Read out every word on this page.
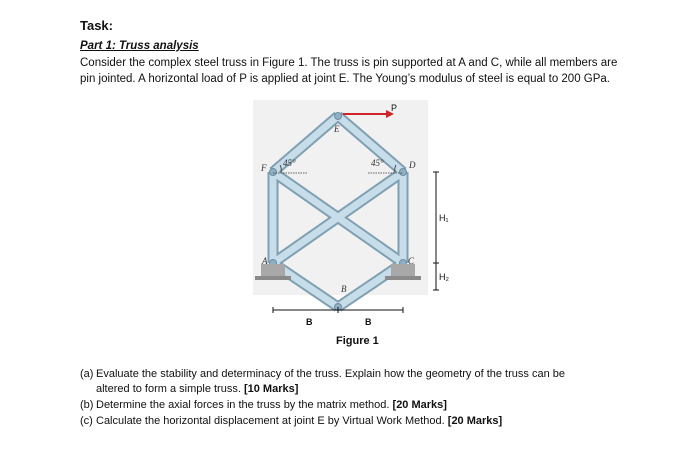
Task:
Part 1: Truss analysis

Consider the complex steel truss in Figure 1. The truss is pin supported at A and C, while all members are

pin jointed. A horizontal load of P is applied at joint E. The Young’s modulus of steel is equal to 200 GPa.

45°	45°
P
E
F	D
A	C
B
H₁
H₂
B	B
Figure 1
(a) Evaluate the stability and determinacy of the truss. Explain how the geometry of the truss can be
altered to form a simple truss. [10 Marks]
(b) Determine the axial forces in the truss by the matrix method. [20 Marks]
(c) Calculate the horizontal displacement at joint E by Virtual Work Method. [20 Marks]
